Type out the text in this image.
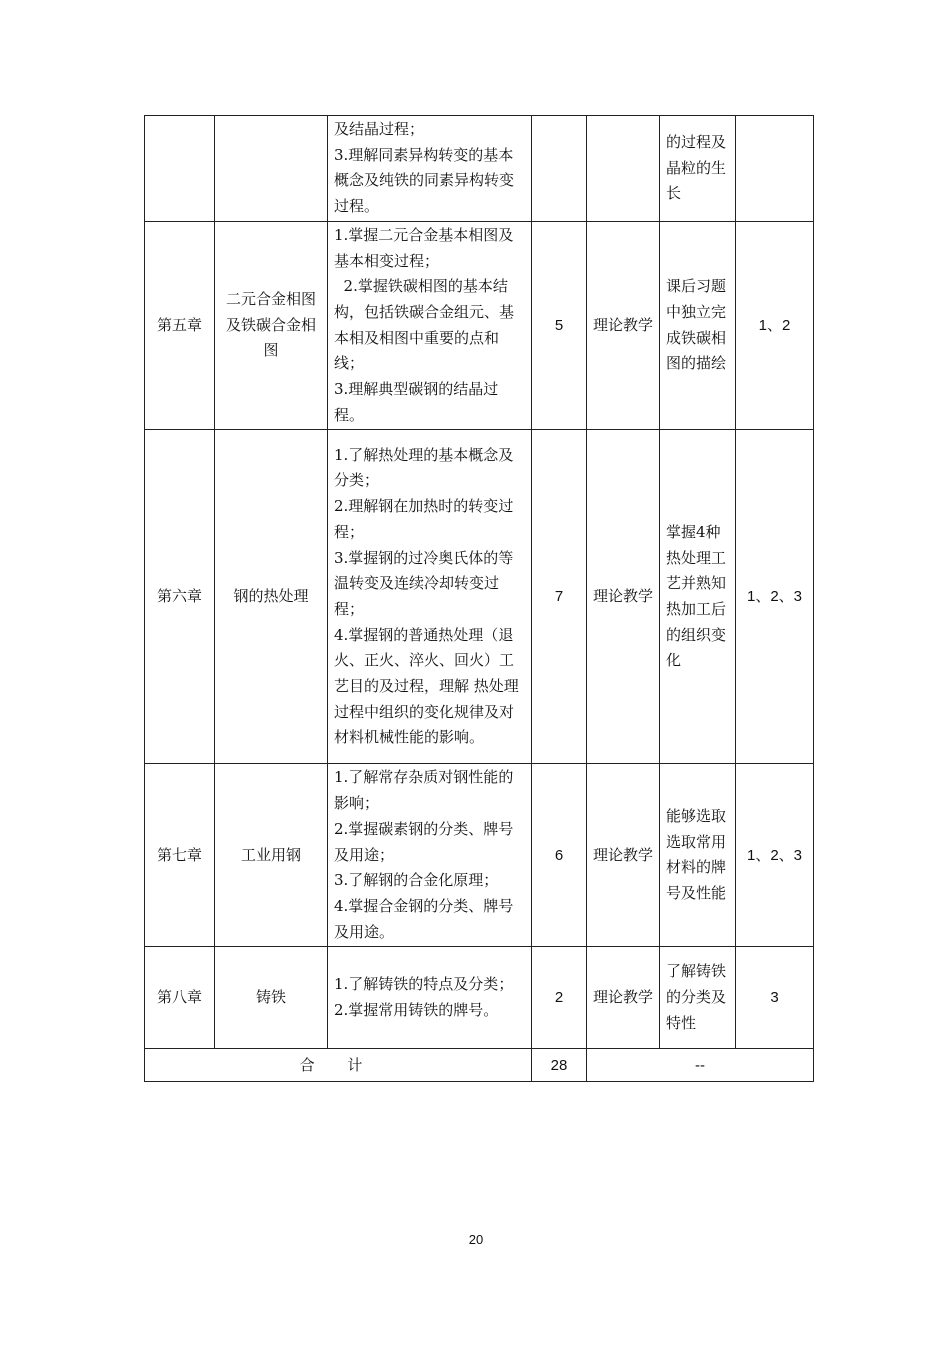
		及结晶过程；
3.理解同素异构转变的基本概念及纯铁的同素异构转变过程。			的过程及晶粒的生长	
第五章	二元合金相图及铁碳合金相图	1.掌握二元合金基本相图及基本相变过程；
2.掌握铁碳相图的基本结构，包括铁碳合金组元、基本相及相图中重要的点和线；
3.理解典型碳钢的结晶过程。	5	理论教学	课后习题中独立完成铁碳相图的描绘	1、2
第六章	钢的热处理	1.了解热处理的基本概念及分类；
2.理解钢在加热时的转变过程；
3.掌握钢的过冷奥氏体的等温转变及连续冷却转变过程；
4.掌握钢的普通热处理（退火、正火、淬火、回火）工艺目的及过程，理解 热处理过程中组织的变化规律及对材料机械性能的影响。	7	理论教学	掌握4种热处理工艺并熟知热加工后的组织变化	1、2、3
第七章	工业用钢	1.了解常存杂质对钢性能的影响；
2.掌握碳素钢的分类、牌号及用途；
3.了解钢的合金化原理；
4.掌握合金钢的分类、牌号及用途。	6	理论教学	能够选取选取常用材料的牌号及性能	1、2、3
第八章	铸铁	1.了解铸铁的特点及分类；
2.掌握常用铸铁的牌号。	2	理论教学	了解铸铁的分类及特性	3
合 计			28	--		
20
